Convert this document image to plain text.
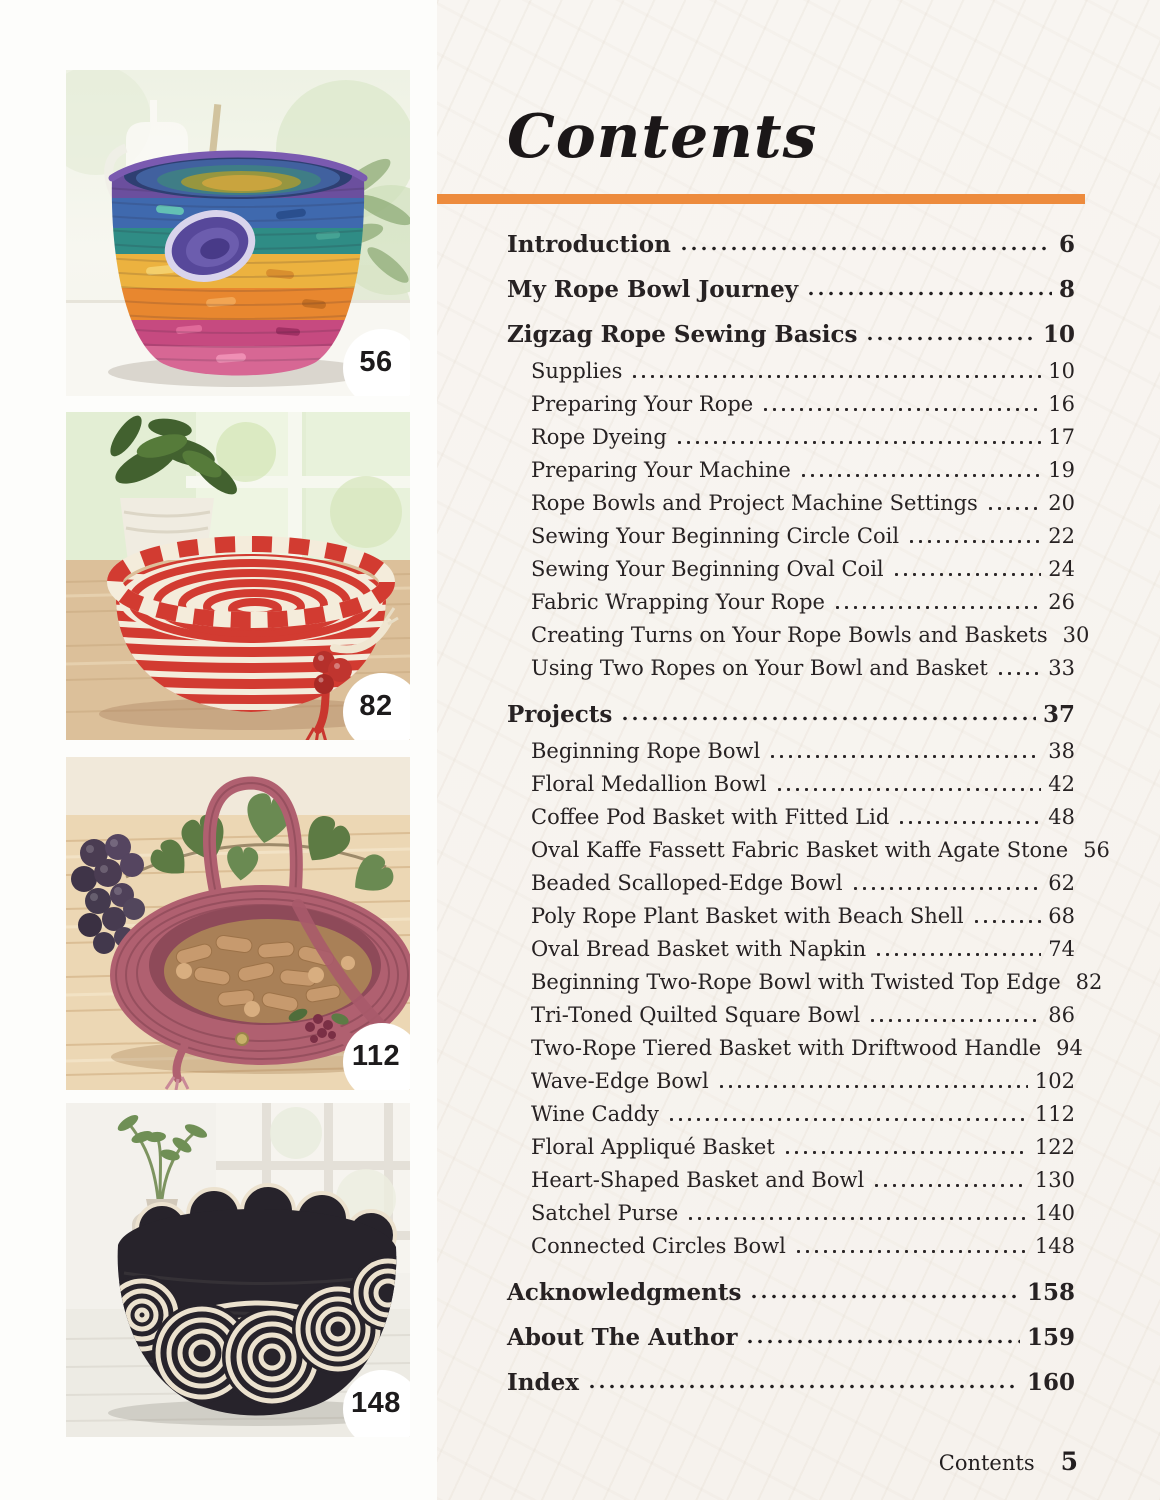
56
82
112
148
Contents
Introduction	6
My Rope Bowl Journey	8
Zigzag Rope Sewing Basics	10
Supplies	10
Preparing Your Rope	16
Rope Dyeing	17
Preparing Your Machine	19
Rope Bowls and Project Machine Settings	20
Sewing Your Beginning Circle Coil	22
Sewing Your Beginning Oval Coil	24
Fabric Wrapping Your Rope	26
Creating Turns on Your Rope Bowls and Baskets 30
Using Two Ropes on Your Bowl and Basket	33
Projects	37
Beginning Rope Bowl	38
Floral Medallion Bowl	42
Coffee Pod Basket with Fitted Lid	48
Oval Kaffe Fassett Fabric Basket with Agate Stone 56
Beaded Scalloped-Edge Bowl	62
Poly Rope Plant Basket with Beach Shell	68
Oval Bread Basket with Napkin	74
Beginning Two-Rope Bowl with Twisted Top Edge 82
Tri-Toned Quilted Square Bowl	86
Two-Rope Tiered Basket with Driftwood Handle 94
Wave-Edge Bowl	102
Wine Caddy	112
Floral Appliqué Basket	122
Heart-Shaped Basket and Bowl	130
Satchel Purse	140
Connected Circles Bowl	148
Acknowledgments	158
About The Author	159
Index	160
Contents 5
